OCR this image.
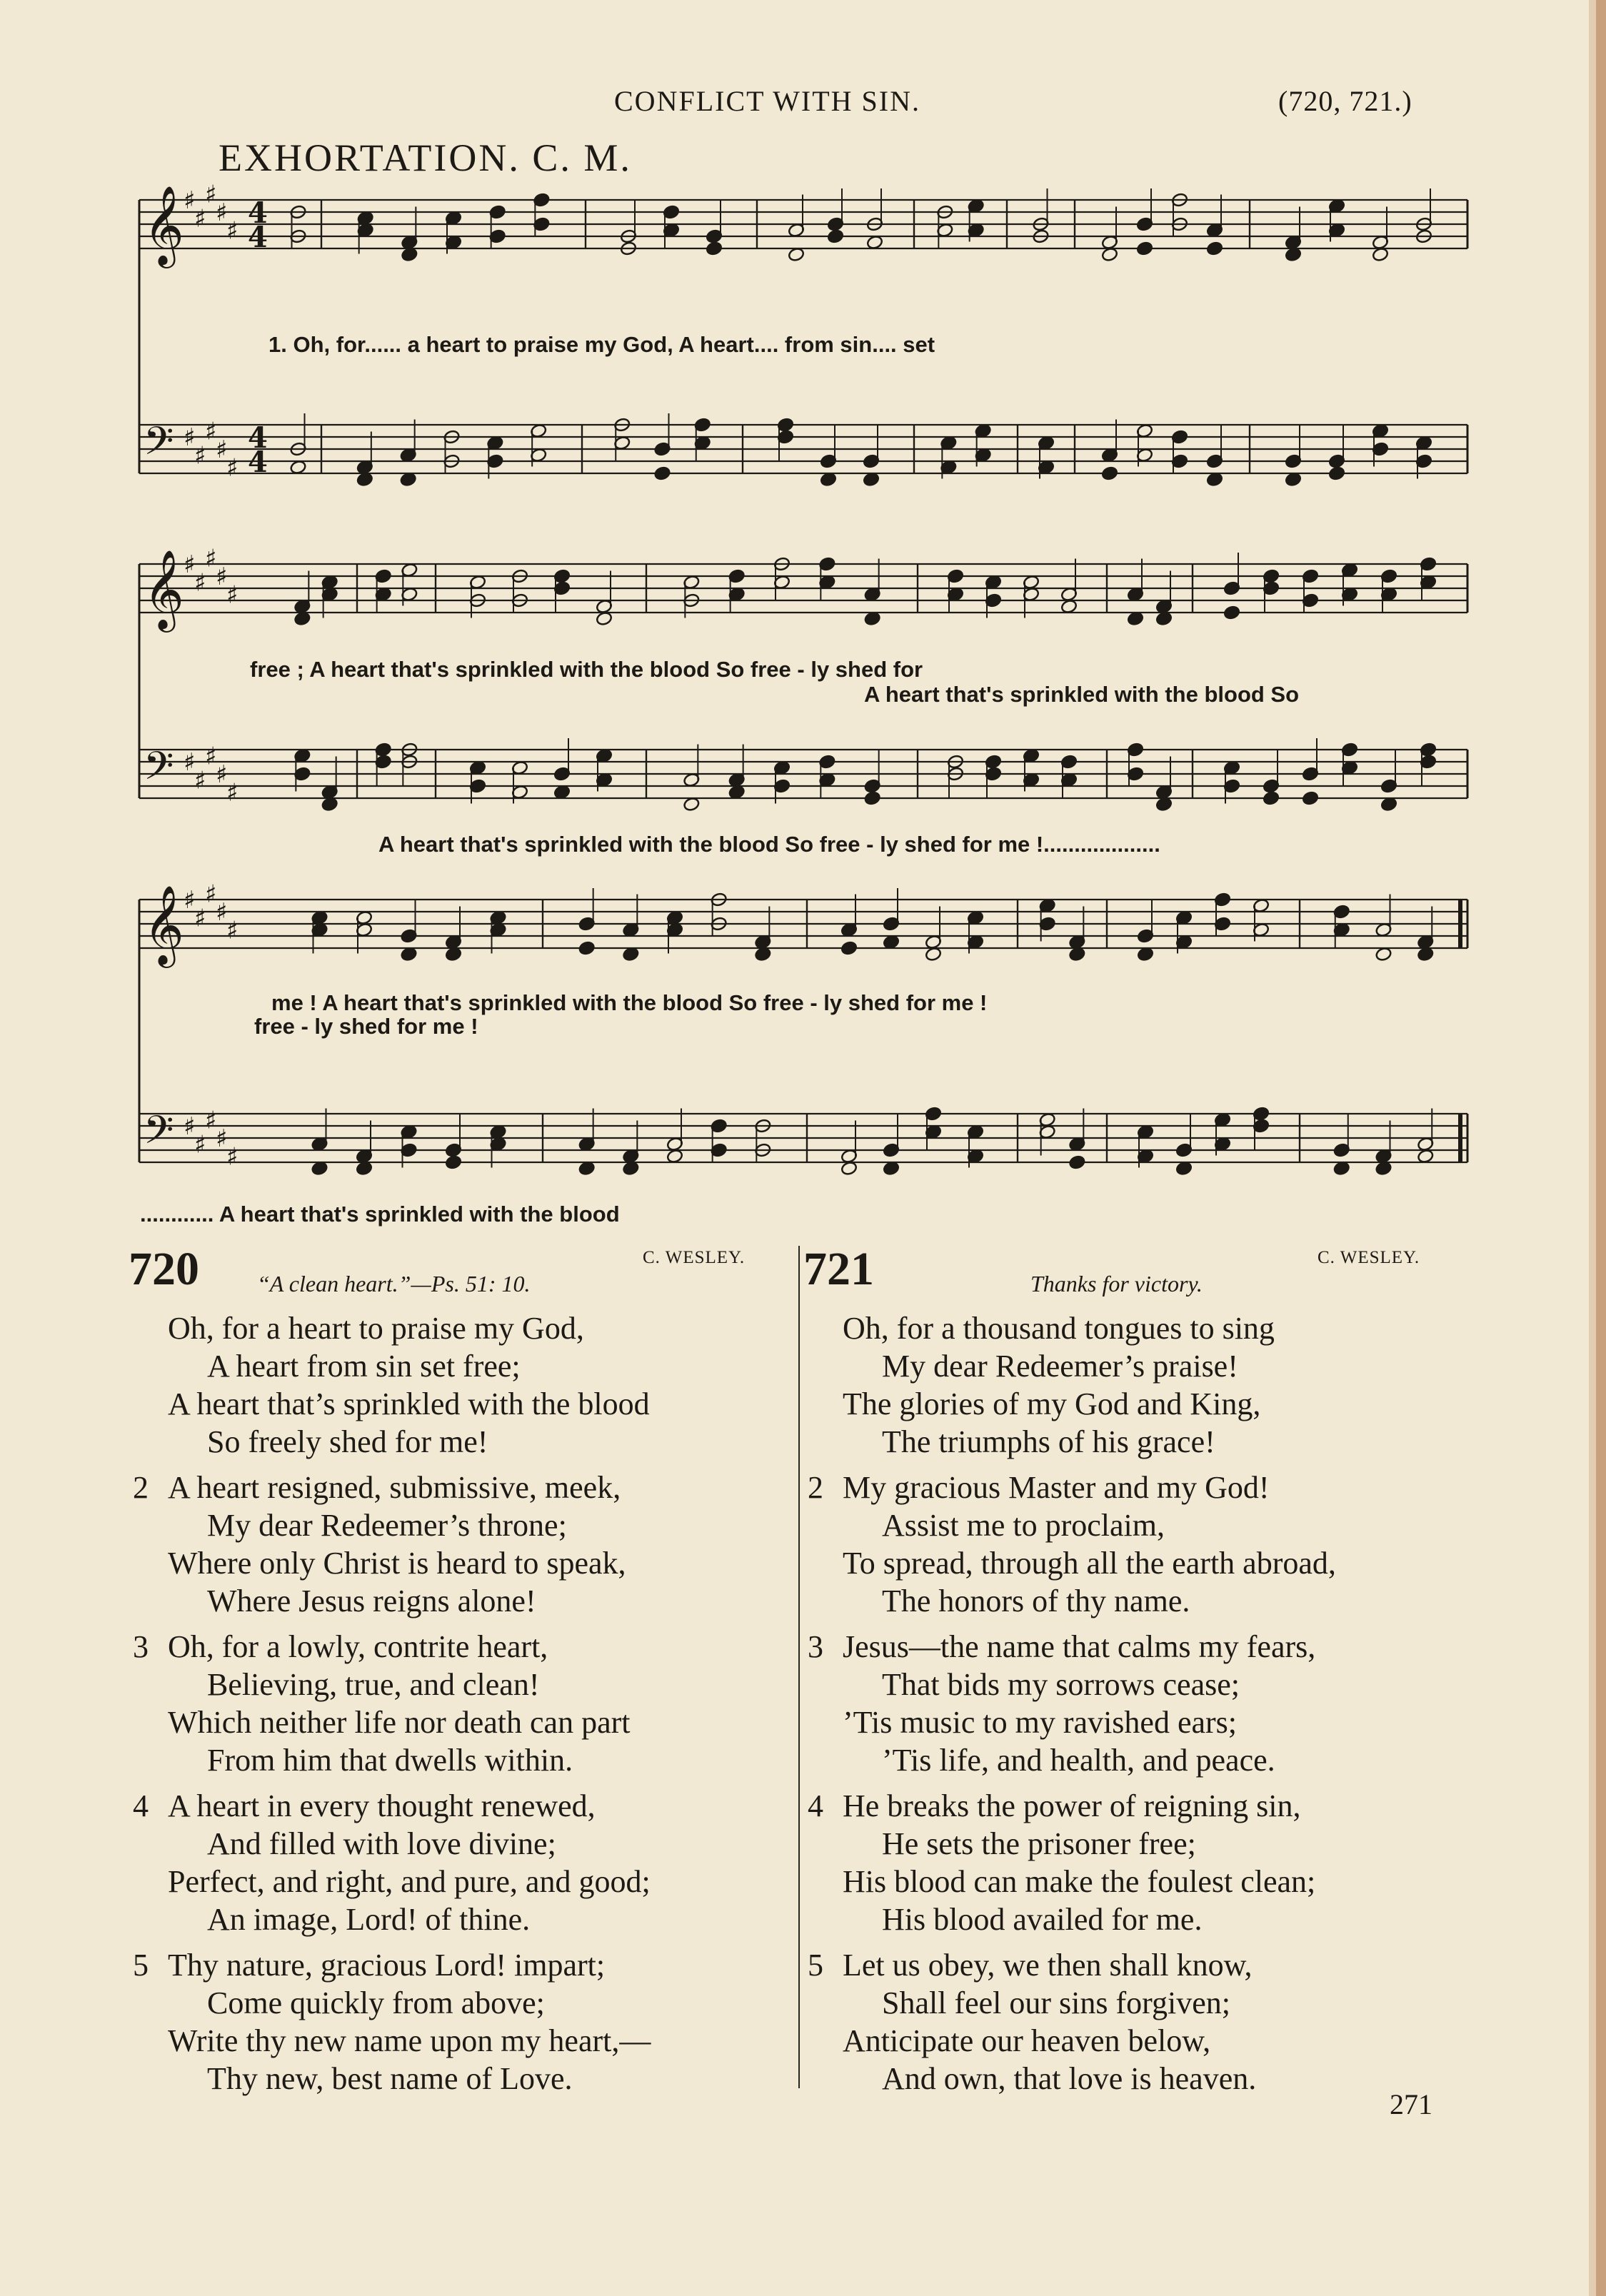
CONFLICT WITH SIN.	(720, 721.)
EXHORTATION. C. M.
𝄞 ♯
♯
♯
♯
♯
4
4
𝄢 ♯
♯
♯
♯
♯
4
4
𝄞 ♯
♯
♯
♯
♯
𝄢 ♯
♯
♯
♯
♯
𝄞 ♯
♯
♯
♯
♯
𝄢 ♯
♯
♯
♯
♯
1. Oh, for...... a heart to praise my God, A heart.... from sin.... set
free ; A heart that's sprinkled with the blood So free - ly shed for
A heart that's sprinkled with the blood So
A heart that's sprinkled with the blood So free - ly shed for me !...................
me ! A heart that's sprinkled with the blood So free - ly shed for me !
free - ly shed for me !
............ A heart that's sprinkled with the blood
720	“A clean heart.”—Ps. 51: 10.
C. WESLEY.
Oh, for a heart to praise my God,
A heart from sin set free;
A heart that’s sprinkled with the blood
So freely shed for me!
2 A heart resigned, submissive, meek,
My dear Redeemer’s throne;
Where only Christ is heard to speak,
Where Jesus reigns alone!
3 Oh, for a lowly, contrite heart,
Believing, true, and clean!
Which neither life nor death can part
From him that dwells within.
4 A heart in every thought renewed,
And filled with love divine;
Perfect, and right, and pure, and good;
An image, Lord! of thine.
5 Thy nature, gracious Lord! impart;
Come quickly from above;
Write thy new name upon my heart,—
Thy new, best name of Love.
721	Thanks for victory.
C. WESLEY.
Oh, for a thousand tongues to sing
My dear Redeemer’s praise!
The glories of my God and King,
The triumphs of his grace!
2 My gracious Master and my God!
Assist me to proclaim,
To spread, through all the earth abroad,
The honors of thy name.
3 Jesus—the name that calms my fears,
That bids my sorrows cease;
’Tis music to my ravished ears;
’Tis life, and health, and peace.
4 He breaks the power of reigning sin,
He sets the prisoner free;
His blood can make the foulest clean;
His blood availed for me.
5 Let us obey, we then shall know,
Shall feel our sins forgiven;
Anticipate our heaven below,
And own, that love is heaven.
271
